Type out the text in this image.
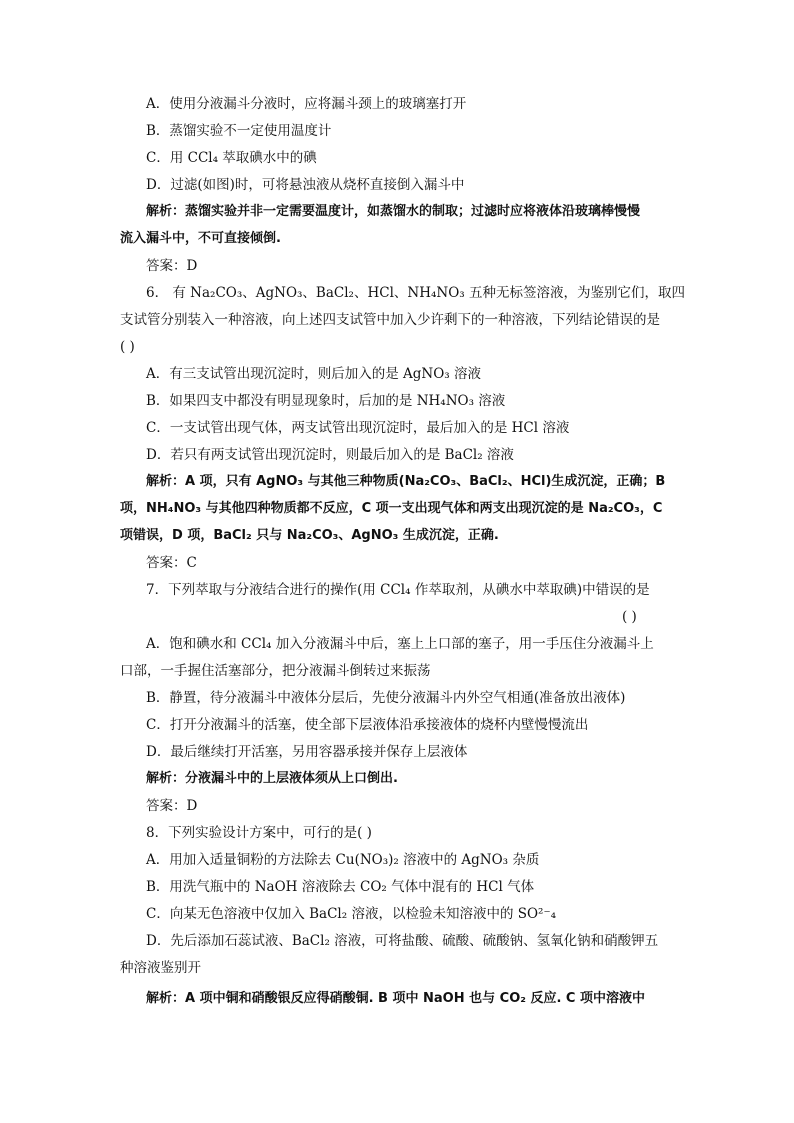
A．使用分液漏斗分液时，应将漏斗颈上的玻璃塞打开
B．蒸馏实验不一定使用温度计
C．用 CCl₄ 萃取碘水中的碘
D．过滤(如图)时，可将悬浊液从烧杯直接倒入漏斗中
解析：蒸馏实验并非一定需要温度计，如蒸馏水的制取；过滤时应将液体沿玻璃棒慢慢
流入漏斗中，不可直接倾倒.
答案：D
6． 有 Na₂CO₃、AgNO₃、BaCl₂、HCl、NH₄NO₃ 五种无标签溶液，为鉴别它们，取四
支试管分别装入一种溶液，向上述四支试管中加入少许剩下的一种溶液，下列结论错误的是
( )
A．有三支试管出现沉淀时，则后加入的是 AgNO₃ 溶液
B．如果四支中都没有明显现象时，后加的是 NH₄NO₃ 溶液
C．一支试管出现气体，两支试管出现沉淀时，最后加入的是 HCl 溶液
D．若只有两支试管出现沉淀时，则最后加入的是 BaCl₂ 溶液
解析：A 项，只有 AgNO₃ 与其他三种物质(Na₂CO₃、BaCl₂、HCl)生成沉淀，正确；B
项，NH₄NO₃ 与其他四种物质都不反应，C 项一支出现气体和两支出现沉淀的是 Na₂CO₃，C
项错误，D 项，BaCl₂ 只与 Na₂CO₃、AgNO₃ 生成沉淀，正确.
答案：C
7．下列萃取与分液结合进行的操作(用 CCl₄ 作萃取剂，从碘水中萃取碘)中错误的是
( )
A．饱和碘水和 CCl₄ 加入分液漏斗中后，塞上上口部的塞子，用一手压住分液漏斗上
口部，一手握住活塞部分，把分液漏斗倒转过来振荡
B．静置，待分液漏斗中液体分层后，先使分液漏斗内外空气相通(准备放出液体)
C．打开分液漏斗的活塞，使全部下层液体沿承接液体的烧杯内壁慢慢流出
D．最后继续打开活塞，另用容器承接并保存上层液体
解析：分液漏斗中的上层液体须从上口倒出.
答案：D
8．下列实验设计方案中，可行的是( )
A．用加入适量铜粉的方法除去 Cu(NO₃)₂ 溶液中的 AgNO₃ 杂质
B．用洗气瓶中的 NaOH 溶液除去 CO₂ 气体中混有的 HCl 气体
C．向某无色溶液中仅加入 BaCl₂ 溶液，以检验未知溶液中的 SO²⁻₄
D．先后添加石蕊试液、BaCl₂ 溶液，可将盐酸、硫酸、硫酸钠、氢氧化钠和硝酸钾五
种溶液鉴别开
解析：A 项中铜和硝酸银反应得硝酸铜. B 项中 NaOH 也与 CO₂ 反应. C 项中溶液中
